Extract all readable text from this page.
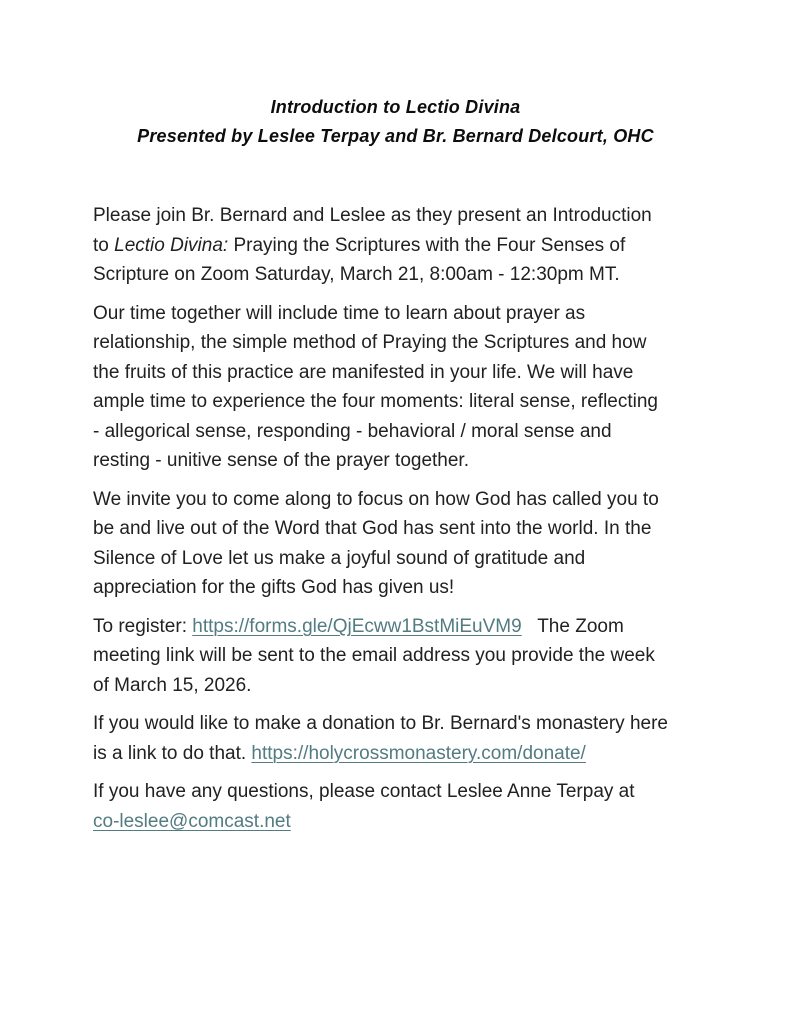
Introduction to Lectio Divina
Presented by Leslee Terpay and Br. Bernard Delcourt, OHC

Please join Br. Bernard and Leslee as they present an Introduction
to Lectio Divina: Praying the Scriptures with the Four Senses of
Scripture on Zoom Saturday, March 21, 8:00am - 12:30pm MT.

Our time together will include time to learn about prayer as
relationship, the simple method of Praying the Scriptures and how
the fruits of this practice are manifested in your life. We will have
ample time to experience the four moments: literal sense, reflecting
- allegorical sense, responding - behavioral / moral sense and
resting - unitive sense of the prayer together.

We invite you to come along to focus on how God has called you to
be and live out of the Word that God has sent into the world. In the
Silence of Love let us make a joyful sound of gratitude and
appreciation for the gifts God has given us!

To register: https://forms.gle/QjEcww1BstMiEuVM9   The Zoom
meeting link will be sent to the email address you provide the week
of March 15, 2026.

If you would like to make a donation to Br. Bernard's monastery here
is a link to do that. https://holycrossmonastery.com/donate/

If you have any questions, please contact Leslee Anne Terpay at
co-leslee@comcast.net
